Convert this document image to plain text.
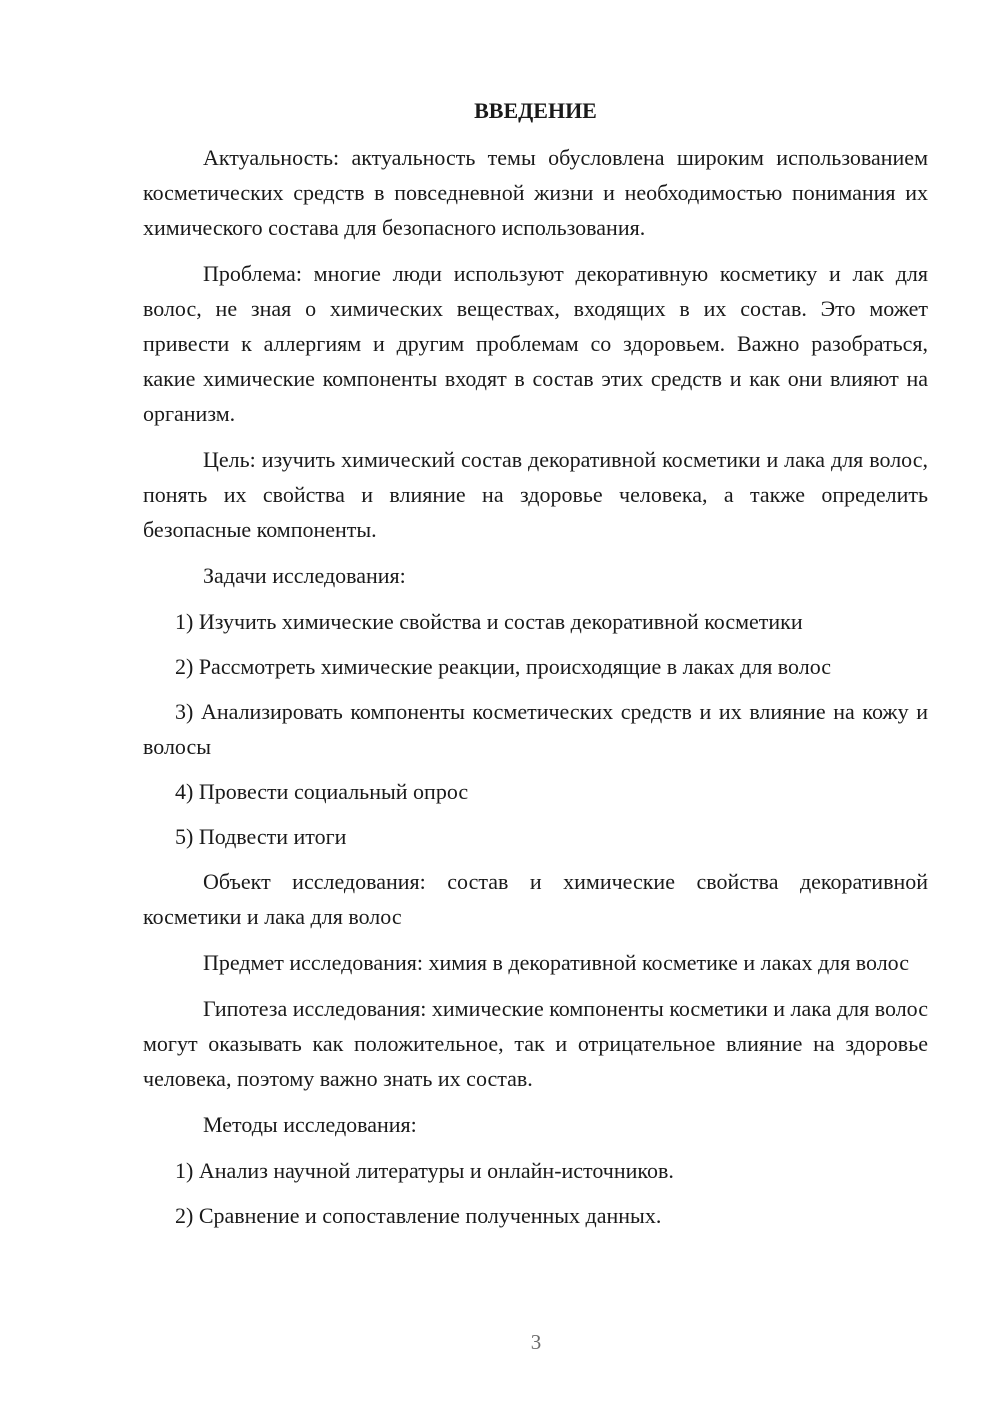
ВВЕДЕНИЕ

Актуальность: актуальность темы обусловлена широким использованием косметических средств в повседневной жизни и необходимостью понимания их химического состава для безопасного использования.

Проблема: многие люди используют декоративную косметику и лак для волос, не зная о химических веществах, входящих в их состав. Это может привести к аллергиям и другим проблемам со здоровьем. Важно разобраться, какие химические компоненты входят в состав этих средств и как они влияют на организм.

Цель: изучить химический состав декоративной косметики и лака для волос, понять их свойства и влияние на здоровье человека, а также определить безопасные компоненты.

Задачи исследования:

1) Изучить химические свойства и состав декоративной косметики

2) Рассмотреть химические реакции, происходящие в лаках для волос

3) Анализировать компоненты косметических средств и их влияние на кожу и волосы

4) Провести социальный опрос

5) Подвести итоги

Объект исследования: состав и химические свойства декоративной косметики и лака для волос

Предмет исследования: химия в декоративной косметике и лаках для волос

Гипотеза исследования: химические компоненты косметики и лака для волос могут оказывать как положительное, так и отрицательное влияние на здоровье человека, поэтому важно знать их состав.

Методы исследования:

1) Анализ научной литературы и онлайн-источников.

2) Сравнение и сопоставление полученных данных.

3
